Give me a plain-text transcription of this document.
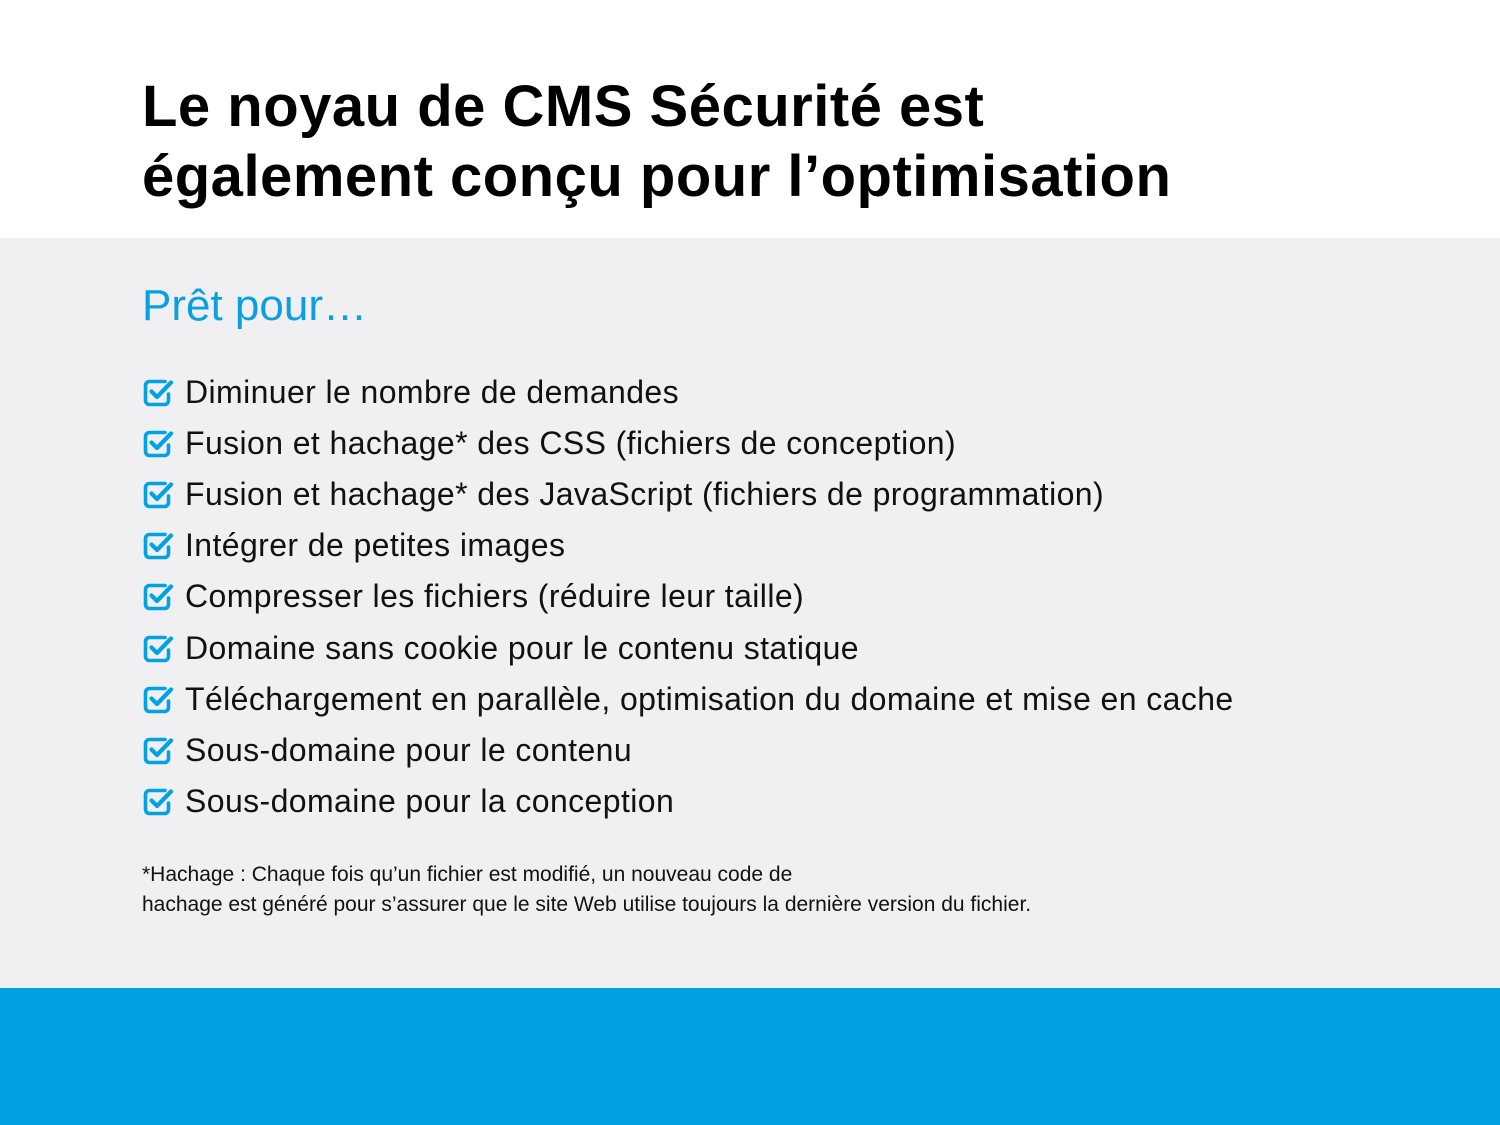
Le noyau de CMS Sécurité est
également conçu pour l’optimisation
Prêt pour…
Diminuer le nombre de demandes
Fusion et hachage* des CSS (fichiers de conception)
Fusion et hachage* des JavaScript (fichiers de programmation)
Intégrer de petites images
Compresser les fichiers (réduire leur taille)
Domaine sans cookie pour le contenu statique
Téléchargement en parallèle, optimisation du domaine et mise en cache
Sous-domaine pour le contenu
Sous-domaine pour la conception

*Hachage : Chaque fois qu’un fichier est modifié, un nouveau code de
hachage est généré pour s’assurer que le site Web utilise toujours la dernière version du fichier.
